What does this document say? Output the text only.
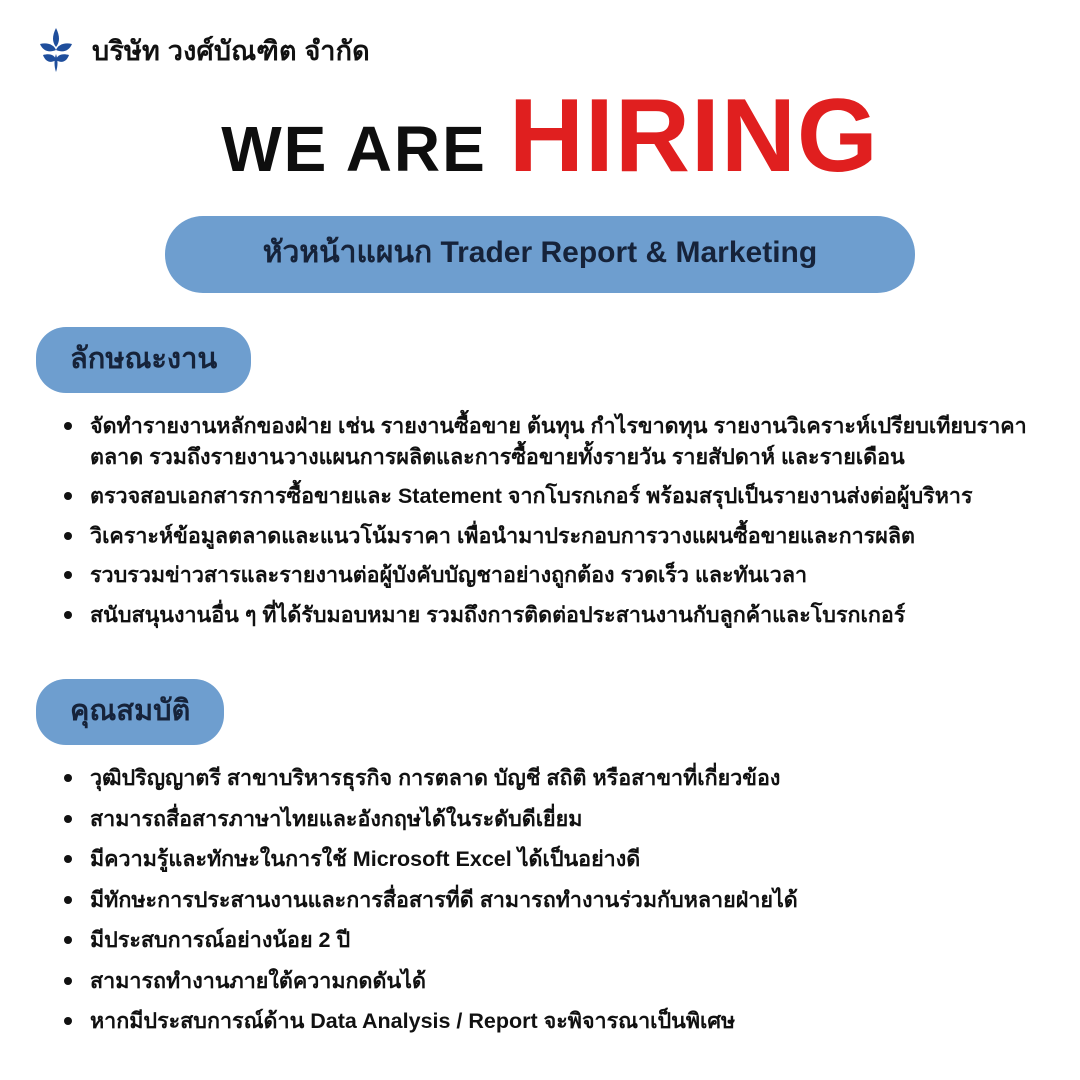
บริษัท วงศ์บัณฑิต จำกัด
WE ARE HIRING
หัวหน้าแผนก Trader Report & Marketing
ลักษณะงาน
จัดทำรายงานหลักของฝ่าย เช่น รายงานซื้อขาย ต้นทุน กำไรขาดทุน รายงานวิเคราะห์เปรียบเทียบราคาตลาด รวมถึงรายงานวางแผนการผลิตและการซื้อขายทั้งรายวัน รายสัปดาห์ และรายเดือน
ตรวจสอบเอกสารการซื้อขายและ Statement จากโบรกเกอร์ พร้อมสรุปเป็นรายงานส่งต่อผู้บริหาร
วิเคราะห์ข้อมูลตลาดและแนวโน้มราคา เพื่อนำมาประกอบการวางแผนซื้อขายและการผลิต
รวบรวมข่าวสารและรายงานต่อผู้บังคับบัญชาอย่างถูกต้อง รวดเร็ว และทันเวลา
สนับสนุนงานอื่น ๆ ที่ได้รับมอบหมาย รวมถึงการติดต่อประสานงานกับลูกค้าและโบรกเกอร์
คุณสมบัติ
วุฒิปริญญาตรี สาขาบริหารธุรกิจ การตลาด บัญชี สถิติ หรือสาขาที่เกี่ยวข้อง
สามารถสื่อสารภาษาไทยและอังกฤษได้ในระดับดีเยี่ยม
มีความรู้และทักษะในการใช้ Microsoft Excel ได้เป็นอย่างดี
มีทักษะการประสานงานและการสื่อสารที่ดี สามารถทำงานร่วมกับหลายฝ่ายได้
มีประสบการณ์อย่างน้อย 2 ปี
สามารถทำงานภายใต้ความกดดันได้
หากมีประสบการณ์ด้าน Data Analysis / Report จะพิจารณาเป็นพิเศษ
